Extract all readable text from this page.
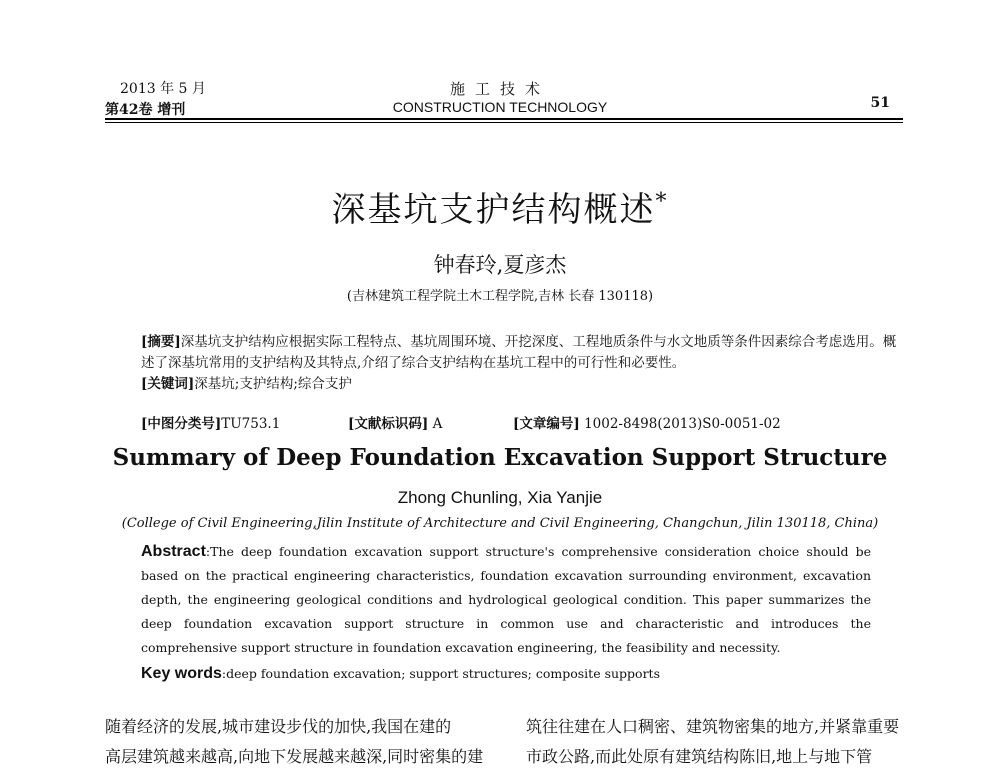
2013 年 5 月
第42卷 增刊
施工技术
CONSTRUCTION TECHNOLOGY	51
深基坑支护结构概述*
钟春玲,夏彦杰
(吉林建筑工程学院土木工程学院,吉林 长春 130118)
[摘要]深基坑支护结构应根据实际工程特点、基坑周围环境、开挖深度、工程地质条件与水文地质等条件因素综合考虑选用。概述了深基坑常用的支护结构及其特点,介绍了综合支护结构在基坑工程中的可行性和必要性。
[关键词]深基坑;支护结构;综合支护
[中图分类号]TU753.1	[文献标识码] A	[文章编号] 1002-8498(2013)S0-0051-02
Summary of Deep Foundation Excavation Support Structure
Zhong Chunling, Xia Yanjie
(College of Civil Engineering,Jilin Institute of Architecture and Civil Engineering, Changchun, Jilin 130118, China)
Abstract:The deep foundation excavation support structure's comprehensive consideration choice should be based on the practical engineering characteristics, foundation excavation surrounding environment, excavation depth, the engineering geological conditions and hydrological geological condition. This paper summarizes the deep foundation excavation support structure in common use and characteristic and introduces the comprehensive support structure in foundation excavation engineering, the feasibility and necessity.
Key words:deep foundation excavation; support structures; composite supports

随着经济的发展,城市建设步伐的加快,我国在建的

高层建筑越来越高,向地下发展越来越深,同时密集的建

筑往往建在人口稠密、建筑物密集的地方,并紧靠重要

市政公路,而此处原有建筑结构陈旧,地上与地下管
